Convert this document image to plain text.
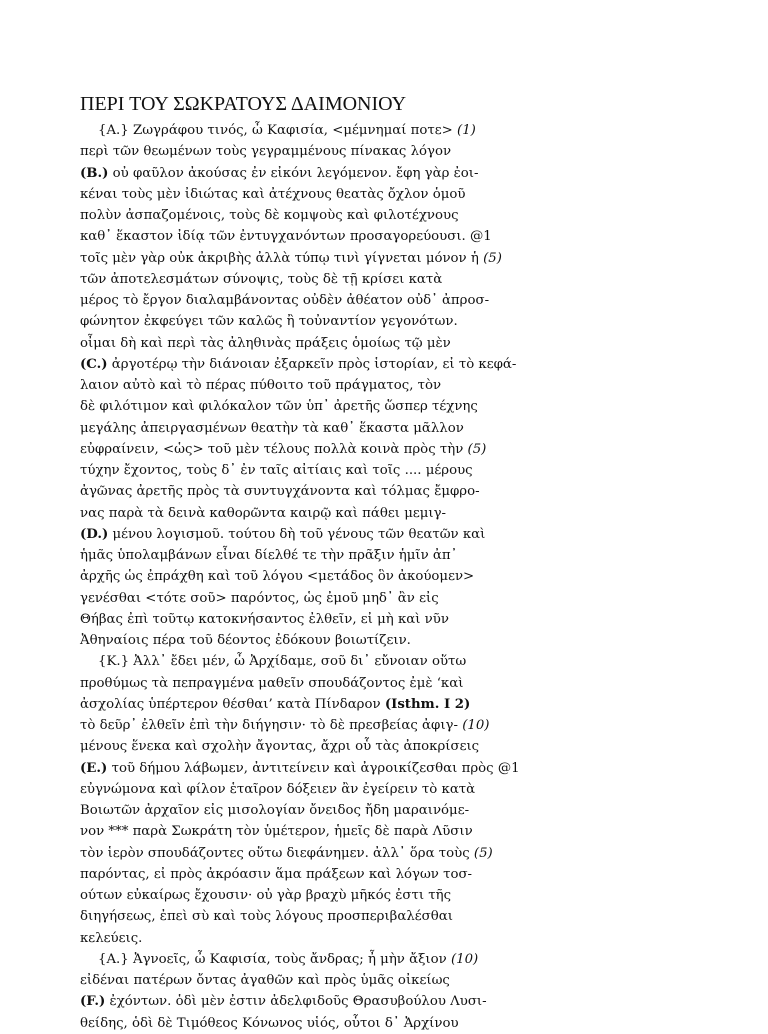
ΠΕΡΙ ΤΟΥ ΣΩΚΡΑΤΟΥΣ ΔΑΙΜΟΝΙΟΥ
{A.} Ζωγράφου τινός, ὦ Καφισία, <μέμνημαί ποτε> (1)
περὶ τῶν θεωμένων τοὺς γεγραμμένους πίνακας λόγον
(B.) οὐ φαῦλον ἀκούσας ἐν εἰκόνι λεγόμενον. ἔφη γὰρ ἐοι-
κέναι τοὺς μὲν ἰδιώτας καὶ ἀτέχνους θεατὰς ὄχλον ὁμοῦ
πολὺν ἀσπαζομένοις, τοὺς δὲ κομψοὺς καὶ φιλοτέχνους
καθ᾽ ἕκαστον ἰδίᾳ τῶν ἐντυγχανόντων προσαγορεύουσι. @1
τοῖς μὲν γὰρ οὐκ ἀκριβὴς ἀλλὰ τύπῳ τινὶ γίγνεται μόνον ἡ (5)
τῶν ἀποτελεσμάτων σύνοψις, τοὺς δὲ τῇ κρίσει κατὰ
μέρος τὸ ἔργον διαλαμβάνοντας οὐδὲν ἀθέατον οὐδ᾽ ἀπροσ-
φώνητον ἐκφεύγει τῶν καλῶς ἢ τοὐναντίον γεγονότων.
οἶμαι δὴ καὶ περὶ τὰς ἀληθινὰς πράξεις ὁμοίως τῷ μὲν
(C.) ἀργοτέρῳ τὴν διάνοιαν ἐξαρκεῖν πρὸς ἱστορίαν, εἰ τὸ κεφά-
λαιον αὐτὸ καὶ τὸ πέρας πύθοιτο τοῦ πράγματος, τὸν
δὲ φιλότιμον καὶ φιλόκαλον τῶν ὑπ᾽ ἀρετῆς ὥσπερ τέχνης
μεγάλης ἀπειργασμένων θεατὴν τὰ καθ᾽ ἕκαστα μᾶλλον
εὐφραίνειν, <ὡς> τοῦ μὲν τέλους πολλὰ κοινὰ πρὸς τὴν (5)
τύχην ἔχοντος, τοὺς δ᾽ ἐν ταῖς αἰτίαις καὶ τοῖς .... μέρους
ἀγῶνας ἀρετῆς πρὸς τὰ συντυγχάνοντα καὶ τόλμας ἔμφρο-
νας παρὰ τὰ δεινὰ καθορῶντα καιρῷ καὶ πάθει μεμιγ-
(D.) μένου λογισμοῦ. τούτου δὴ τοῦ γένους τῶν θεατῶν καὶ
ἡμᾶς ὑπολαμβάνων εἶναι δίελθέ τε τὴν πρᾶξιν ἡμῖν ἀπ᾽
ἀρχῆς ὡς ἐπράχθη καὶ τοῦ λόγου <μετάδος ὃν ἀκούομεν>
γενέσθαι <τότε σοῦ> παρόντος, ὡς ἐμοῦ μηδ᾽ ἂν εἰς
Θήβας ἐπὶ τοῦτῳ κατοκνήσαντος ἐλθεῖν, εἰ μὴ καὶ νῦν
Ἀθηναίοις πέρα τοῦ δέοντος ἐδόκουν βοιωτίζειν.
{K.} Ἀλλ᾽ ἔδει μέν, ὦ Ἀρχίδαμε, σοῦ δι᾽ εὔνοιαν οὕτω
προθύμως τὰ πεπραγμένα μαθεῖν σπουδάζοντος ἐμὲ ‘καὶ
ἀσχολίας ὑπέρτερον θέσθαι’ κατὰ Πίνδαρον (Isthm. I 2)
τὸ δεῦρ᾽ ἐλθεῖν ἐπὶ τὴν διήγησιν· τὸ δὲ πρεσβείας ἀφιγ- (10)
μένους ἕνεκα καὶ σχολὴν ἄγοντας, ἄχρι οὗ τὰς ἀποκρίσεις
(E.) τοῦ δήμου λάβωμεν, ἀντιτείνειν καὶ ἀγροικίζεσθαι πρὸς @1
εὐγνώμονα καὶ φίλον ἑταῖρον δόξειεν ἂν ἐγείρειν τὸ κατὰ
Βοιωτῶν ἀρχαῖον εἰς μισολογίαν ὄνειδος ἤδη μαραινόμε-
νον *** παρὰ Σωκράτη τὸν ὑμέτερον, ἡμεῖς δὲ παρὰ Λῦσιν
τὸν ἱερὸν σπουδάζοντες οὕτω διεφάνημεν. ἀλλ᾽ ὅρα τοὺς (5)
παρόντας, εἰ πρὸς ἀκρόασιν ἅμα πράξεων καὶ λόγων τοσ-
ούτων εὐκαίρως ἔχουσιν· οὐ γὰρ βραχὺ μῆκός ἐστι τῆς
διηγήσεως, ἐπεὶ σὺ καὶ τοὺς λόγους προσπεριβαλέσθαι
κελεύεις.
{A.} Ἀγνοεῖς, ὦ Καφισία, τοὺς ἄνδρας; ἦ μὴν ἄξιον (10)
εἰδέναι πατέρων ὄντας ἀγαθῶν καὶ πρὸς ὑμᾶς οἰκείως
(F.) ἐχόντων. ὁδὶ μὲν ἐστιν ἀδελφιδοῦς Θρασυβούλου Λυσι-
θείδης, ὁδὶ δὲ Τιμόθεος Κόνωνος υἱός, οὗτοι δ᾽ Ἀρχίνου
